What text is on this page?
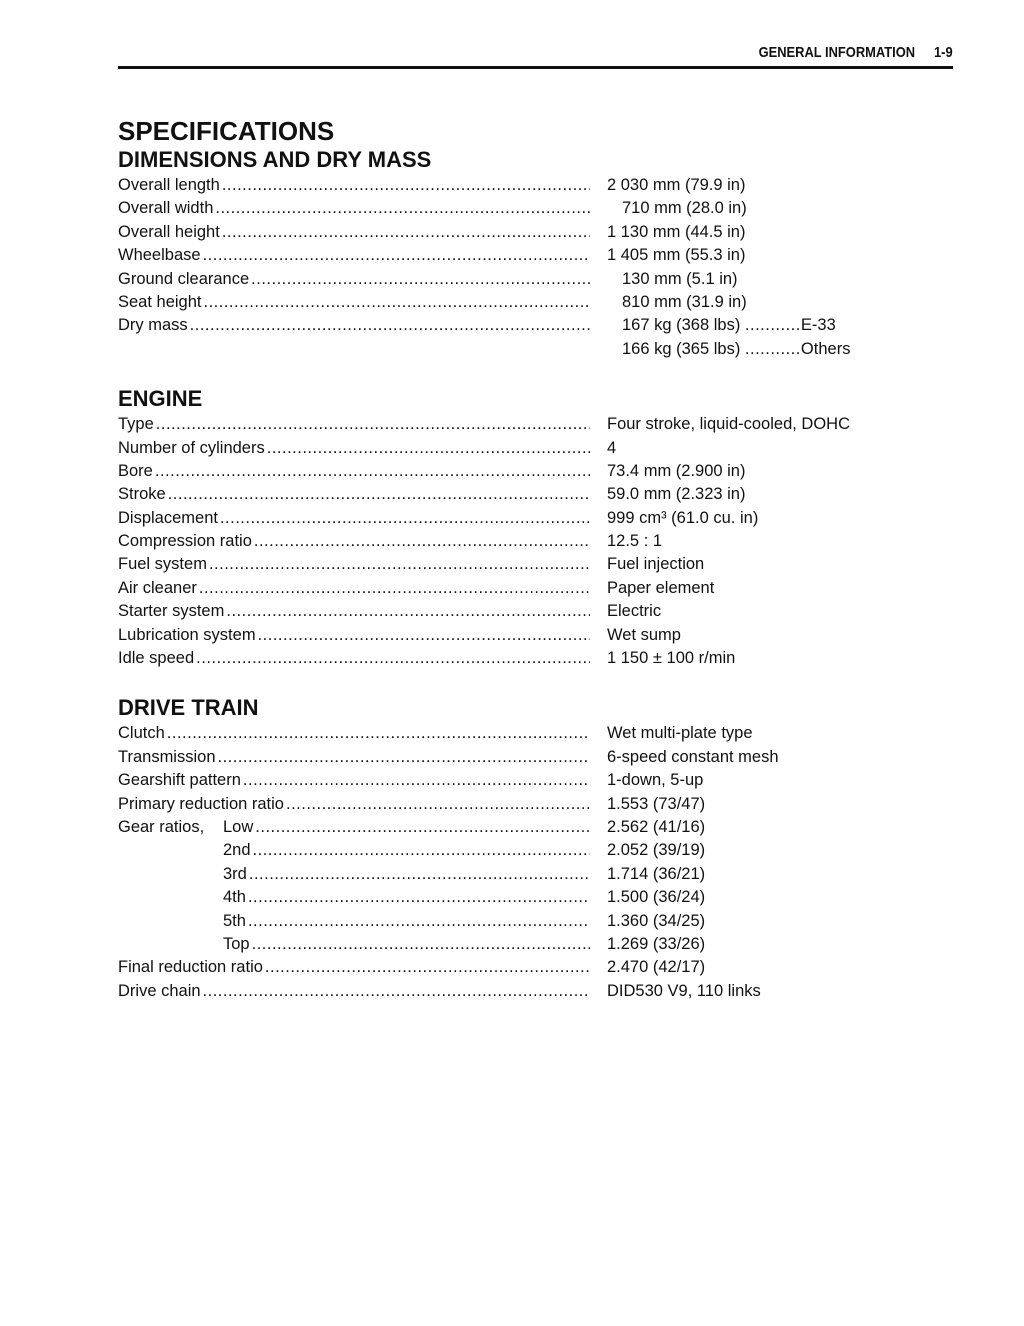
GENERAL INFORMATION 1-9
SPECIFICATIONS
DIMENSIONS AND DRY MASS
Overall length .....	2 030 mm (79.9 in)
Overall width .....	710 mm (28.0 in)
Overall height .....	1 130 mm (44.5 in)
Wheelbase .....	1 405 mm (55.3 in)
Ground clearance .....	130 mm (5.1 in)
Seat height .....	810 mm (31.9 in)
Dry mass .....	167 kg (368 lbs) .....	E-33
166 kg (365 lbs) .....	Others
ENGINE
Type .....	Four stroke, liquid-cooled, DOHC
Number of cylinders .....	4
Bore .....	73.4 mm (2.900 in)
Stroke .....	59.0 mm (2.323 in)
Displacement .....	999 cm³ (61.0 cu. in)
Compression ratio .....	12.5 : 1
Fuel system .....	Fuel injection
Air cleaner .....	Paper element
Starter system .....	Electric
Lubrication system .....	Wet sump
Idle speed .....	1 150 ± 100 r/min
DRIVE TRAIN
Clutch .....	Wet multi-plate type
Transmission .....	6-speed constant mesh
Gearshift pattern .....	1-down, 5-up
Primary reduction ratio .....	1.553 (73/47)
Gear ratios, Low .....	2.562 (41/16)
2nd .....	2.052 (39/19)
3rd .....	1.714 (36/21)
4th .....	1.500 (36/24)
5th .....	1.360 (34/25)
Top .....	1.269 (33/26)
Final reduction ratio .....	2.470 (42/17)
Drive chain .....	DID530 V9, 110 links
